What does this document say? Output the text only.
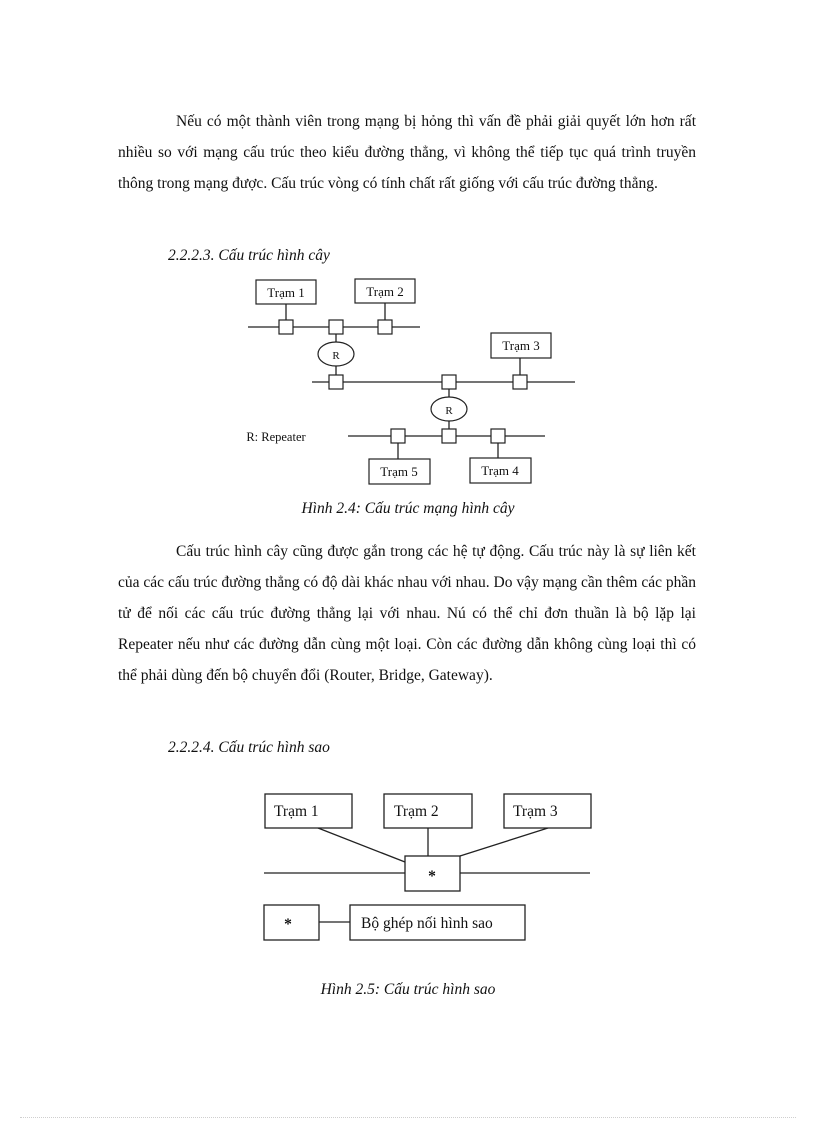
Nếu có một thành viên trong mạng bị hỏng thì vấn đề phải giải quyết lớn hơn rất nhiều so với mạng cấu trúc theo kiểu đường thẳng, vì không thể tiếp tục quá trình truyền thông trong mạng được. Cấu trúc vòng có tính chất rất giống với cấu trúc đường thẳng.

2.2.2.3. Cấu trúc hình cây

Trạm 1	Trạm 2
Trạm 3
Trạm 5	Trạm 4
R
R
R: Repeater

Hình 2.4: Cấu trúc mạng hình cây

Cấu trúc hình cây cũng được gắn trong các hệ tự động. Cấu trúc này là sự liên kết của các cấu trúc đường thẳng có độ dài khác nhau với nhau. Do vậy mạng cần thêm các phần tử để nối các cấu trúc đường thẳng lại với nhau. Nú có thể chỉ đơn thuần là bộ lặp lại Repeater nếu như các đường dẫn cùng một loại. Còn các đường dẫn không cùng loại thì có thể phải dùng đến bộ chuyển đổi (Router, Bridge, Gateway).

2.2.2.4. Cấu trúc hình sao

Trạm 1	Trạm 2	Trạm 3
*
*	Bộ ghép nối hình sao

Hình 2.5: Cấu trúc hình sao
